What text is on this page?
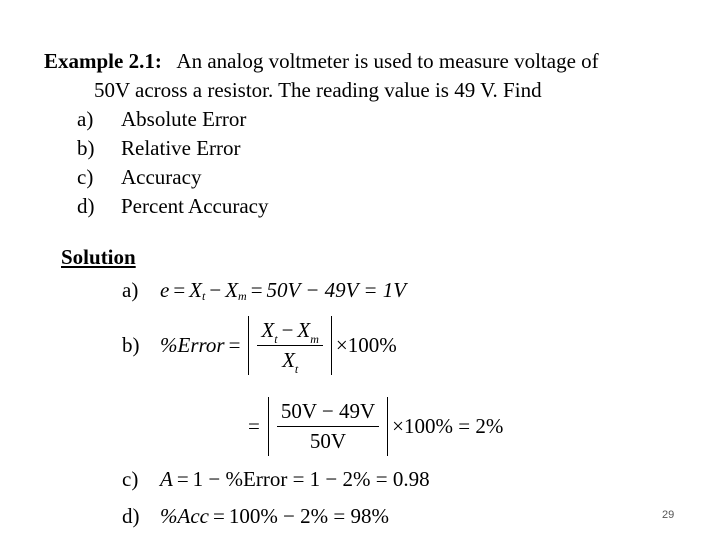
Example 2.1: An analog voltmeter is used to measure voltage of
50V across a resistor. The reading value is 49 V. Find
a)	Absolute Error
b)	Relative Error
c)	Accuracy
d)	Percent Accuracy
Solution
a)	e = X t − X m = 50V − 49V = 1V
b) %Error = $\frac{X_t - X_m}{X_t} \times 100\%$
= $\frac{50V - 49V}{50V} \times 100\% = 2\%$
c)	A = 1 − %Error = 1 − 2% = 0.98
d) %Acc = 100% − 2% = 98%	29
